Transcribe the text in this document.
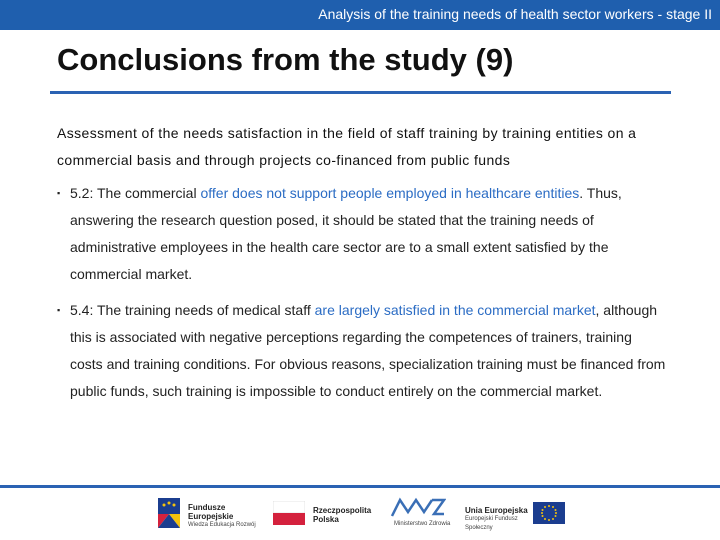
Analysis of the training needs of health sector workers - stage II
Conclusions from the study (9)
Assessment of the needs satisfaction in the field of staff training by training entities on a commercial basis and through projects co-financed from public funds
▪ 5.2: The commercial offer does not support people employed in healthcare entities. Thus, answering the research question posed, it should be stated that the training needs of administrative employees in the health care sector are to a small extent satisfied by the commercial market.
▪ 5.4: The training needs of medical staff are largely satisfied in the commercial market, although this is associated with negative perceptions regarding the competences of trainers, training costs and training conditions. For obvious reasons, specialization training must be financed from public funds, such training is impossible to conduct entirely on the commercial market.
Fundusze
Europejskie
Wiedza Edukacja Rozwój
Rzeczpospolita
Polska	Ministerstwo Zdrowia
Unia Europejska
Europejski Fundusz Społeczny
